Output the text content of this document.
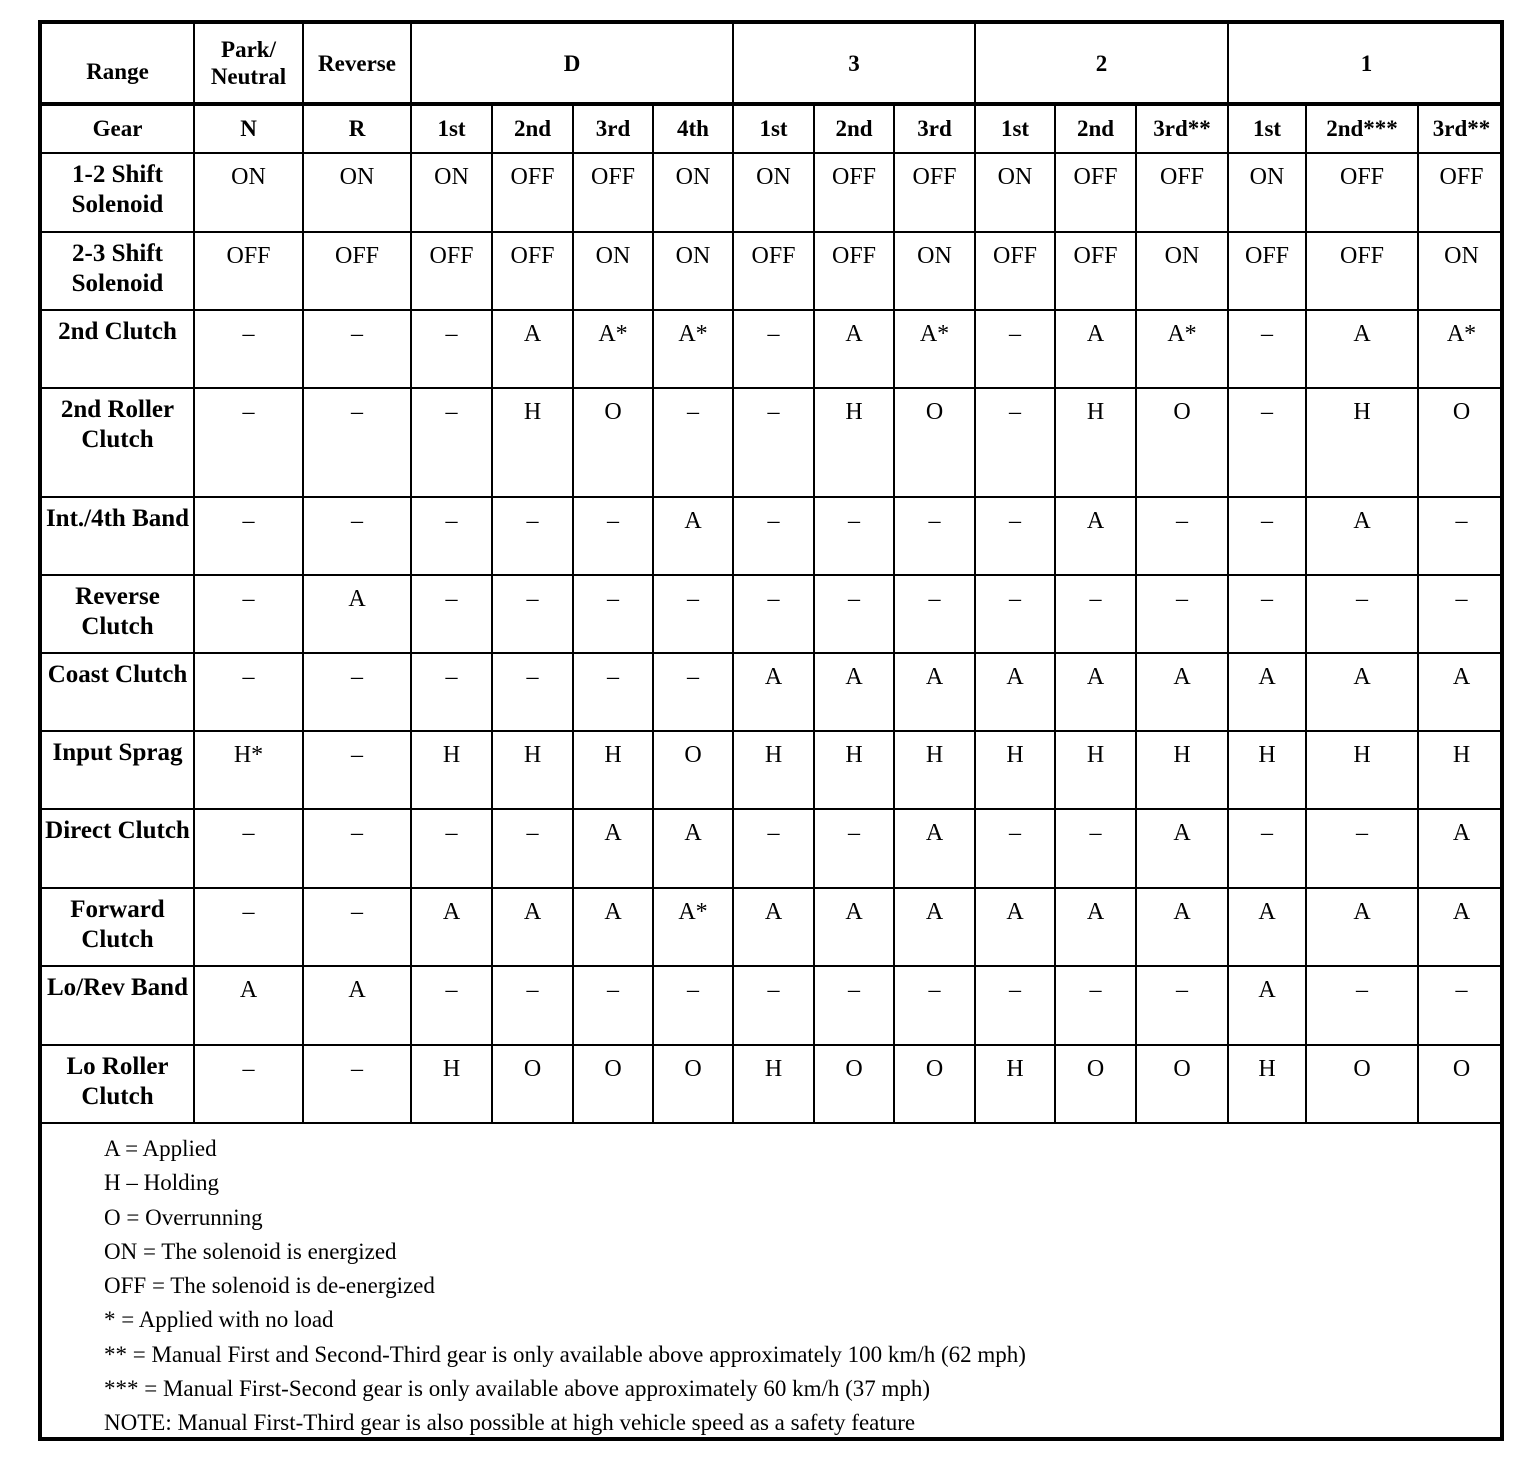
Range	Park/ Neutral	Reverse	D				3			2			1		
Gear	N	R	1st	2nd	3rd	4th	1st	2nd	3rd	1st	2nd	3rd**	1st	2nd***	3rd**
1-2 Shift Solenoid	ON	ON	ON	OFF	OFF	ON	ON	OFF	OFF	ON	OFF	OFF	ON	OFF	OFF
2-3 Shift Solenoid	OFF	OFF	OFF	OFF	ON	ON	OFF	OFF	ON	OFF	OFF	ON	OFF	OFF	ON
2nd Clutch	–	–	–	A	A*	A*	–	A	A*	–	A	A*	–	A	A*
2nd Roller Clutch	–	–	–	H	O	–	–	H	O	–	H	O	–	H	O
Int./4th Band	–	–	–	–	–	A	–	–	–	–	A	–	–	A	–
Reverse Clutch	–	A	–	–	–	–	–	–	–	–	–	–	–	–	–
Coast Clutch	–	–	–	–	–	–	A	A	A	A	A	A	A	A	A
Input Sprag	H*	–	H	H	H	O	H	H	H	H	H	H	H	H	H
Direct Clutch	–	–	–	–	A	A	–	–	A	–	–	A	–	–	A
Forward Clutch	–	–	A	A	A	A*	A	A	A	A	A	A	A	A	A
Lo/Rev Band	A	A	–	–	–	–	–	–	–	–	–	–	A	–	–
Lo Roller Clutch	–	–	H	O	O	O	H	O	O	H	O	O	H	O	O
A = Applied
H – Holding
O = Overrunning
ON = The solenoid is energized
OFF = The solenoid is de-energized
* = Applied with no load
** = Manual First and Second-Third gear is only available above approximately 100 km/h (62 mph)
*** = Manual First-Second gear is only available above approximately 60 km/h (37 mph)
NOTE: Manual First-Third gear is also possible at high vehicle speed as a safety feature
